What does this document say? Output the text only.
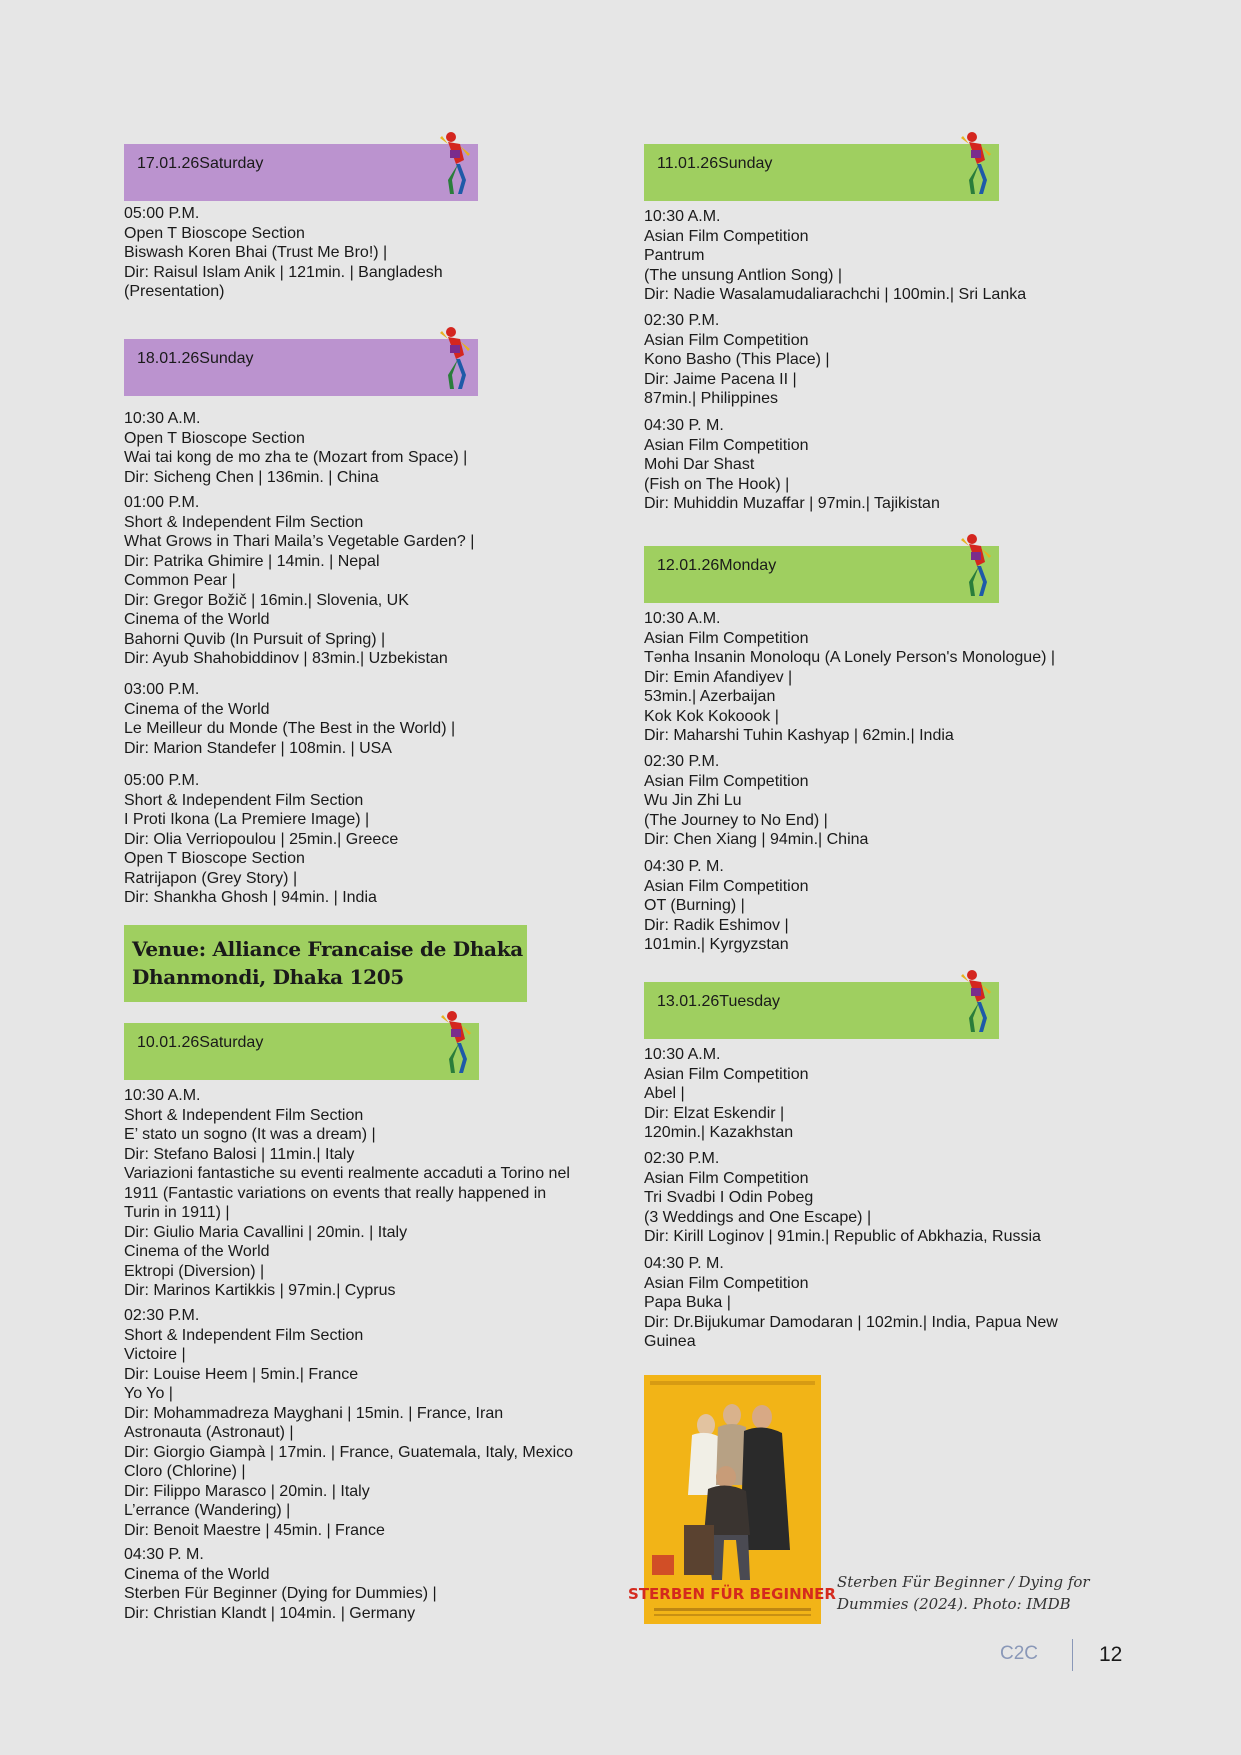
17.01.26Saturday
18.01.26Sunday
Venue: Alliance Francaise de Dhaka
Dhanmondi, Dhaka 1205
10.01.26Saturday
05:00 P.M.
Open T Bioscope Section
Biswash Koren Bhai (Trust Me Bro!) |
Dir: Raisul Islam Anik | 121min. | Bangladesh
(Presentation)
10:30 A.M.
Open T Bioscope Section
Wai tai kong de mo zha te (Mozart from Space) |
Dir: Sicheng Chen | 136min. | China
01:00 P.M.
Short & Independent Film Section
What Grows in Thari Maila’s Vegetable Garden? |
Dir: Patrika Ghimire | 14min. | Nepal
Common Pear |
Dir: Gregor Božič | 16min.| Slovenia, UK
Cinema of the World
Bahorni Quvib (In Pursuit of Spring) |
Dir: Ayub Shahobiddinov | 83min.| Uzbekistan
03:00 P.M.
Cinema of the World
Le Meilleur du Monde (The Best in the World) |
Dir: Marion Standefer | 108min. | USA
05:00 P.M.
Short & Independent Film Section
I Proti Ikona (La Premiere Image) |
Dir: Olia Verriopoulou | 25min.| Greece
Open T Bioscope Section
Ratrijapon (Grey Story) |
Dir: Shankha Ghosh | 94min. | India
10:30 A.M.
Short & Independent Film Section
E’ stato un sogno (It was a dream) |
Dir: Stefano Balosi | 11min.| Italy
Variazioni fantastiche su eventi realmente accaduti a Torino nel
1911 (Fantastic variations on events that really happened in
Turin in 1911) |
Dir: Giulio Maria Cavallini | 20min. | Italy
Cinema of the World
Ektropi (Diversion) |
Dir: Marinos Kartikkis | 97min.| Cyprus
02:30 P.M.
Short & Independent Film Section
Victoire |
Dir: Louise Heem | 5min.| France
Yo Yo |
Dir: Mohammadreza Mayghani | 15min. | France, Iran
Astronauta (Astronaut) |
Dir: Giorgio Giampà | 17min. | France, Guatemala, Italy, Mexico
Cloro (Chlorine) |
Dir: Filippo Marasco | 20min. | Italy
L’errance (Wandering) |
Dir: Benoit Maestre | 45min. | France
04:30 P. M.
Cinema of the World
Sterben Für Beginner (Dying for Dummies) |
Dir: Christian Klandt | 104min. | Germany
11.01.26Sunday
12.01.26Monday
13.01.26Tuesday
10:30 A.M.
Asian Film Competition
Pantrum
(The unsung Antlion Song) |
Dir: Nadie Wasalamudaliarachchi | 100min.| Sri Lanka
02:30 P.M.
Asian Film Competition
Kono Basho (This Place) |
Dir: Jaime Pacena II |
87min.| Philippines
04:30 P. M.
Asian Film Competition
Mohi Dar Shast
(Fish on The Hook) |
Dir: Muhiddin Muzaffar | 97min.| Tajikistan
10:30 A.M.
Asian Film Competition
Tənha Insanin Monoloqu (A Lonely Person's Monologue) |
Dir: Emin Afandiyev |
53min.| Azerbaijan
Kok Kok Kokoook |
Dir: Maharshi Tuhin Kashyap | 62min.| India
02:30 P.M.
Asian Film Competition
Wu Jin Zhi Lu
(The Journey to No End) |
Dir: Chen Xiang | 94min.| China
04:30 P. M.
Asian Film Competition
OT (Burning) |
Dir: Radik Eshimov |
101min.| Kyrgyzstan
10:30 A.M.
Asian Film Competition
Abel |
Dir: Elzat Eskendir |
120min.| Kazakhstan
02:30 P.M.
Asian Film Competition
Tri Svadbi I Odin Pobeg
(3 Weddings and One Escape) |
Dir: Kirill Loginov | 91min.| Republic of Abkhazia, Russia
04:30 P. M.
Asian Film Competition
Papa Buka |
Dir: Dr.Bijukumar Damodaran | 102min.| India, Papua New
Guinea
STERBEN FÜR BEGINNER
Sterben Für Beginner / Dying for
Dummies (2024). Photo: IMDB
C2C	12
